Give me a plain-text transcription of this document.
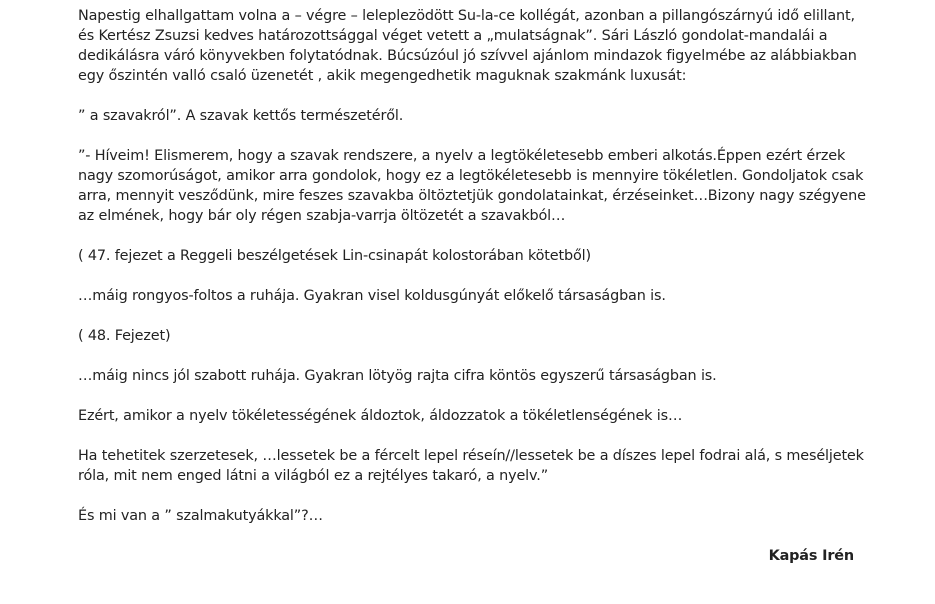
Napestig elhallgattam volna a – végre – leleplezödött Su-la-ce kollégát, azonban a pillangószárnyú idő elillant, és Kertész Zsuzsi kedves határozottsággal véget vetett a „mulatságnak”. Sári László gondolat-mandalái a dedikálásra váró könyvekben folytatódnak. Búcsúzóul jó szívvel ajánlom mindazok figyelmébe az alábbiakban egy őszintén valló csaló üzenetét , akik megengedhetik maguknak szakmánk luxusát:

” a szavakról”. A szavak kettős természetéről.

”- Híveim! Elismerem, hogy a szavak rendszere, a nyelv a legtökéletesebb emberi alkotás.Éppen ezért érzek nagy szomorúságot, amikor arra gondolok, hogy ez a legtökéletesebb is mennyire tökéletlen. Gondoljatok csak arra, mennyit vesződünk, mire feszes szavakba öltöztetjük gondolatainkat, érzéseinket…Bizony nagy szégyene az elmének, hogy bár oly régen szabja-varrja öltözetét a szavakból…

( 47. fejezet a Reggeli beszélgetések Lin-csinapát kolostorában kötetből)

…máig rongyos-foltos a ruhája. Gyakran visel koldusgúnyát előkelő társaságban is.

( 48. Fejezet)

…máig nincs jól szabott ruhája. Gyakran lötyög rajta cifra köntös egyszerű társaságban is.

Ezért, amikor a nyelv tökéletességének áldoztok, áldozzatok a tökéletlenségének is…

Ha tehetitek szerzetesek, …lessetek be a fércelt lepel réseín//lessetek be a díszes lepel fodrai alá, s meséljetek róla, mit nem enged látni a világból ez a rejtélyes takaró, a nyelv.”

És mi van a ” szalmakutyákkal”?…

Kapás Irén
